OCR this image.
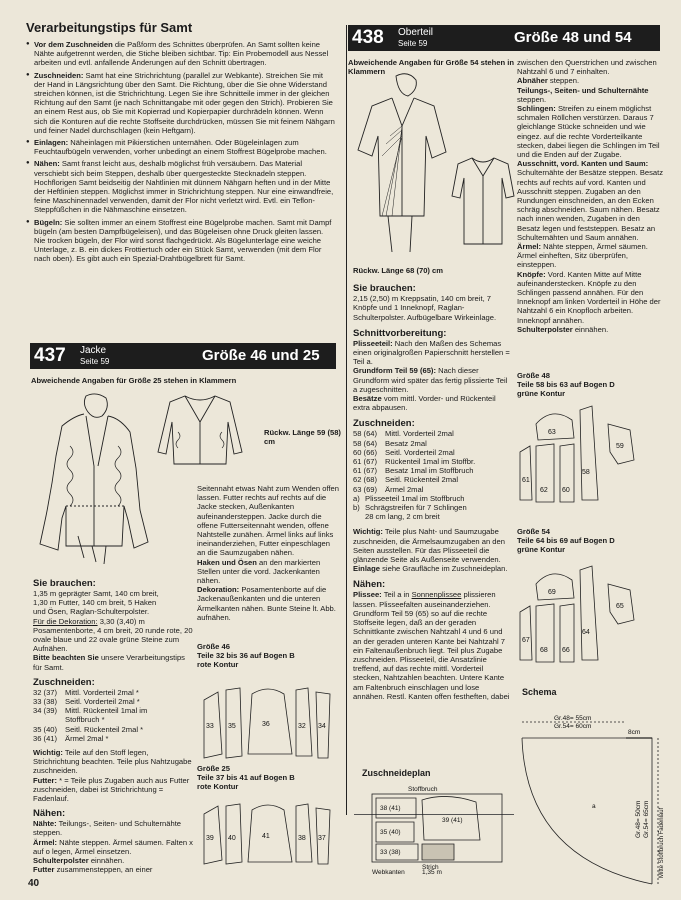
Verarbeitungstips für Samt

● Vor dem Zuschneiden die Paßform des Schnittes überprüfen. An Samt sollten keine Nähte aufgetrennt werden, die Stiche bleiben sichtbar. Tip: Ein Probemodell aus Nessel arbeiten und evtl. anfallende Änderungen auf den Schnitt übertragen.

● Zuschneiden: Samt hat eine Strichrichtung (parallel zur Webkante). Streichen Sie mit der Hand in Längsrichtung über den Samt. Die Richtung, über die Sie ohne Widerstand streichen können, ist die Strichrichtung. Legen Sie ihre Schnitteile immer in der gleichen Richtung auf den Samt (je nach Schnittangabe mit oder gegen den Strich). Probieren Sie an einem Rest aus, ob Sie mit Kopierrad und Kopierpapier durchrädeln können. Wenn sich die Konturen auf die rechte Stoffseite durchdrücken, müssen Sie mit feinem Nähgarn und feiner Nadel durchschlagen (kein Heftgarn).

● Einlagen: Näheinlagen mit Pikierstichen unternähen. Oder Bügeleinlagen zum Feuchtaufbügeln verwenden, vorher unbedingt an einem Stoffrest Bügelprobe machen.

● Nähen: Samt franst leicht aus, deshalb möglichst früh versäubern. Das Material verschiebt sich beim Steppen, deshalb über quergesteckte Stecknadeln steppen. Hochflorigen Samt beidseitig der Nahtlinien mit dünnem Nähgarn heften und in der Mitte der Heftlinien steppen. Möglichst immer in Strichrichtung steppen. Nur eine einwandfreie, feine Maschinennadel verwenden, damit der Flor nicht verletzt wird. Evtl. ein Teflon-Steppfüßchen in die Nähmaschine einsetzen.

● Bügeln: Sie sollten immer an einem Stoffrest eine Bügelprobe machen. Samt mit Dampf bügeln (am besten Dampfbügeleisen), und das Bügeleisen ohne Druck gleiten lassen. Nie trocken bügeln, der Flor wird sonst flachgedrückt. Als Bügelunterlage eine weiche Unterlage, z. B. ein dickes Frottiertuch oder ein Stück Samt, verwenden (mit dem Flor nach oben). Es gibt auch ein Spezial-Drahtbügelbrett für Samt.

437 Jacke
Seite 59	Größe 46 und 25
Abweichende Angaben für Größe 25 stehen in Klammern
Rückw. Länge 59 (58) cm
Sie brauchen:

1,35 m geprägter Samt, 140 cm breit,

1,30 m Futter, 140 cm breit, 5 Haken

und Ösen, Raglan-Schulterpolster.

Für die Dekoration: 3,30 (3,40) m Posamentenborte, 4 cm breit, 20 runde rote, 20 ovale blaue und 22 ovale grüne Steine zum Aufnähen.

Bitte beachten Sie unsere Verarbeitungstips für Samt.

Zuschneiden:
32 (37) Mittl. Vorderteil 2mal *
33 (38) Seitl. Vorderteil 2mal *
34 (39) Mittl. Rückenteil 1mal im
Stoffbruch *
35 (40) Seitl. Rückenteil 2mal *
36 (41) Ärmel 2mal *

Wichtig: Teile auf den Stoff legen, Strichrichtung beachten. Teile plus Nahtzugabe zuschneiden.

Futter: * = Teile plus Zugaben auch aus Futter zuschneiden, dabei ist Strichrichtung = Fadenlauf.

Nähen:

Nähte: Teilungs-, Seiten- und Schulternähte steppen.

Ärmel: Nähte steppen. Ärmel säumen. Falten x auf o legen, Ärmel einsetzen.

Schulterpolster einnähen.

Futter zusammensteppen, an einer

Seitennaht etwas Naht zum Wenden offen lassen. Futter rechts auf rechts auf die Jacke stecken, Außenkanten aufeinandersteppen. Jacke durch die offene Futterseitennaht wenden, offene Nahtstelle zunähen. Ärmel links auf links ineinanderziehen, Futter einpeschlagen an die Saumzugaben nähen.

Haken und Ösen an den markierten Stellen unter die vord. Jackenkanten nähen.

Dekoration: Posamentenborte auf die Jackenaußenkanten und die unteren Ärmelkanten nähen. Bunte Steine lt. Abb. aufnähen.

Größe 46
Teile 32 bis 36 auf Bogen B
rote Kontur
33 35	36	32 34
Größe 25
Teile 37 bis 41 auf Bogen B
rote Kontur
39 40	41	38 37
40
438 Oberteil
Seite 59	Größe 48 und 54
Abweichende Angaben für Größe 54 stehen in Klammern
Rückw. Länge 68 (70) cm
Sie brauchen:

2,15 (2,50) m Kreppsatin, 140 cm breit, 7 Knöpfe und 1 Inneknopf, Raglan-Schulterpolster. Aufbügelbare Wirkeinlage.

Schnittvorbereitung:

Plisseeteil: Nach den Maßen des Schemas einen originalgroßen Papierschnitt herstellen = Teil a.

Grundform Teil 59 (65): Nach dieser Grundform wird später das fertig plissierte Teil a zugeschnitten.

Besätze vom mittl. Vorder- und Rückenteil extra abpausen.

Zuschneiden:
58 (64) Mittl. Vorderteil 2mal
58 (64) Besatz 2mal
60 (66) Seitl. Vorderteil 2mal
61 (67) Rückenteil 1mal im Stoffbr.
61 (67) Besatz 1mal im Stoffbruch
62 (68) Seitl. Rückenteil 2mal
63 (69) Ärmel 2mal
a) Plisseeteil 1mal im Stoffbruch
b) Schrägstreifen für 7 Schlingen
28 cm lang, 2 cm breit

Wichtig: Teile plus Naht- und Saumzugabe zuschneiden, die Ärmelsaumzugaben an den Seiten ausstellen. Für das Plisseeteil die glänzende Seite als Außenseite verwenden.

Einlage siehe Graufläche im Zuschneideplan.

Nähen:

Plissee: Teil a in Sonnenplissee plissieren lassen. Plisseefalten auseinanderziehen. Grundform Teil 59 (65) so auf die rechte Stoffseite legen, daß an der geraden Schnittkante zwischen Nahtzahl 4 und 6 und an der geraden unteren Kante bei Nahtzahl 7 ein Faltenaußenbruch liegt. Teil plus Zugabe zuschneiden. Plisseeteil, die Ansatzlinie treffend, auf das rechte mittl. Vorderteil stecken, Nahtzahlen beachten. Untere Kante am Faltenbruch einschlagen und lose annähen. Restl. Kanten offen festheften, dabei

Zuschneideplan
Stoffbruch
38 (41)
35 (40)
33 (38)
39 (41)
Strich
Webkanten	1,35 m

zwischen den Querstrichen und zwischen Nahtzahl 6 und 7 einhalten.

Abnäher steppen.

Teilungs-, Seiten- und Schulternähte steppen.

Schlingen: Streifen zu einem möglichst schmalen Röllchen verstürzen. Daraus 7 gleichlange Stücke schneiden und wie eingez. auf die rechte Vorderteilkante stecken, dabei liegen die Schlingen im Teil und die Enden auf der Zugabe.

Ausschnitt, vord. Kanten und Saum: Schulternähte der Besätze steppen. Besatz rechts auf rechts auf vord. Kanten und Ausschnitt steppen. Zugaben an den Rundungen einschneiden, an den Ecken schräg abschneiden. Saum nähen. Besatz nach innen wenden, Zugaben in den Besatz legen und feststeppen. Besatz an Schulternähten und Saum annähen.

Ärmel: Nähte steppen, Ärmel säumen. Ärmel einheften, Sitz überprüfen, einsteppen.

Knöpfe: Vord. Kanten Mitte auf Mitte aufeinanderstecken. Knöpfe zu den Schlingen passend annähen. Für den Inneknopf am linken Vorderteil in Höhe der Nahtzahl 6 ein Knopfloch arbeiten. Inneknopf annähen.

Schulterpolster einnähen.

Größe 48
Teile 58 bis 63 auf Bogen D
grüne Kontur
63
61
62 60
58
59
Größe 54
Teile 64 bis 69 auf Bogen D
grüne Kontur
69
67
68 66
64
65
Schema
Gr.48= 55cm
Gr.54= 60cm
8cm
a	Gr.48= 50cm Gr.54= 65cm Mitte Stoffbruch Fadenlauf
